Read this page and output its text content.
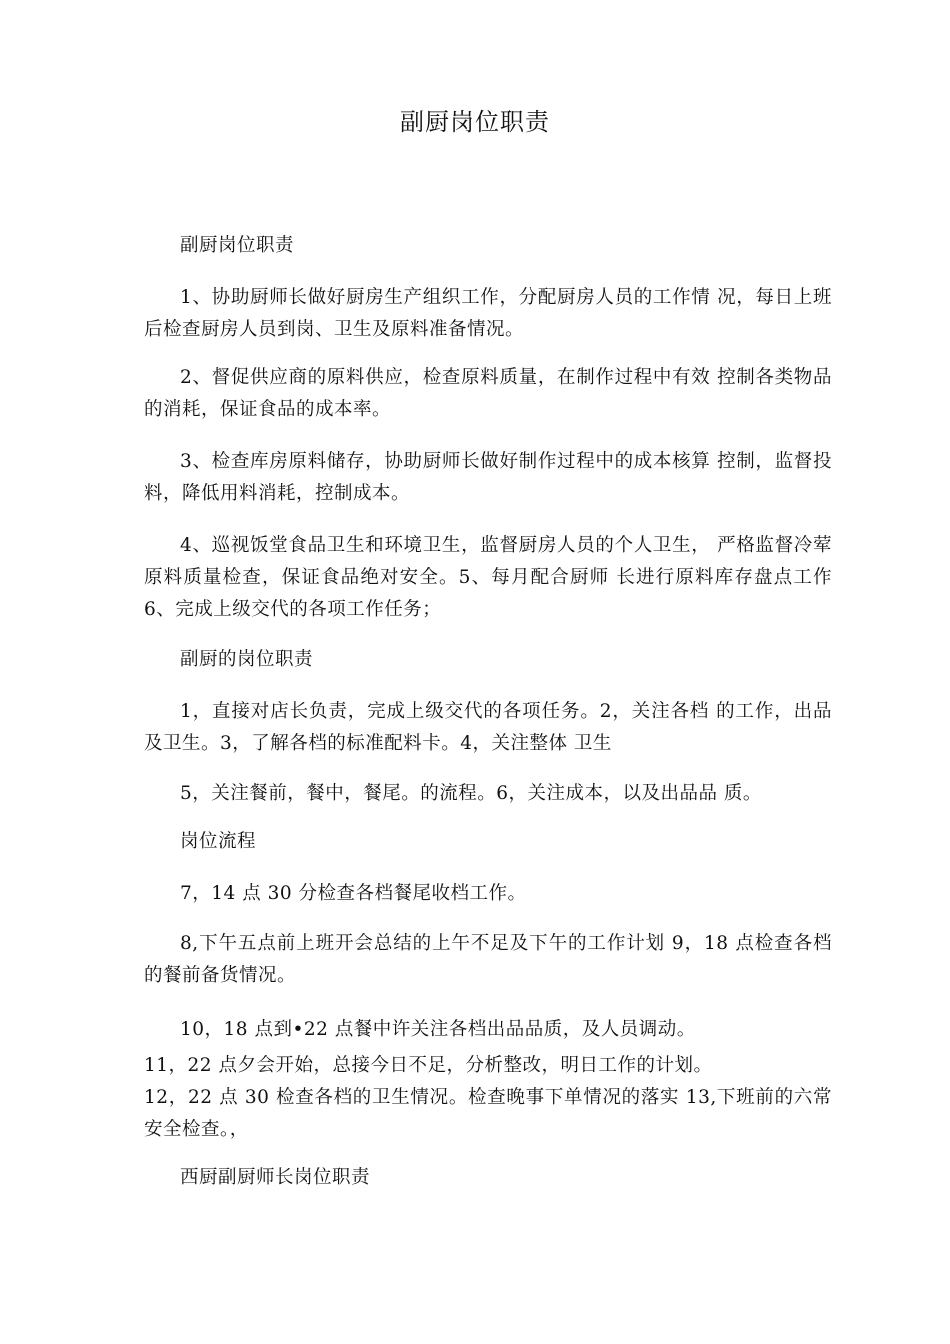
副厨岗位职责

副厨岗位职责

1、协助厨师长做好厨房生产组织工作，分配厨房人员的工作情 况，每日上班后检查厨房人员到岗、卫生及原料准备情况。

2、督促供应商的原料供应，检查原料质量，在制作过程中有效 控制各类物品的消耗，保证食品的成本率。

3、检查库房原料储存，协助厨师长做好制作过程中的成本核算 控制，监督投料，降低用料消耗，控制成本。

4、巡视饭堂食品卫生和环境卫生，监督厨房人员的个人卫生， 严格监督冷荤原料质量检查，保证食品绝对安全。5、每月配合厨师 长进行原料库存盘点工作 6、完成上级交代的各项工作任务；

副厨的岗位职责

1，直接对店长负责，完成上级交代的各项任务。2，关注各档 的工作，出品及卫生。3，了解各档的标准配料卡。4，关注整体 卫生

5，关注餐前，餐中，餐尾。的流程。6，关注成本，以及出品品 质。

岗位流程

7，14 点 30 分检查各档餐尾收档工作。

8,下午五点前上班开会总结的上午不足及下午的工作计划 9，18 点检查各档的餐前备货情况。

10，18 点到•22 点餐中许关注各档出品品质，及人员调动。

11，22 点夕会开始，总接今日不足，分析整改，明日工作的计划。

12，22 点 30 检查各档的卫生情况。检查晚事下单情况的落实 13,下班前的六常安全检查。，

西厨副厨师长岗位职责
